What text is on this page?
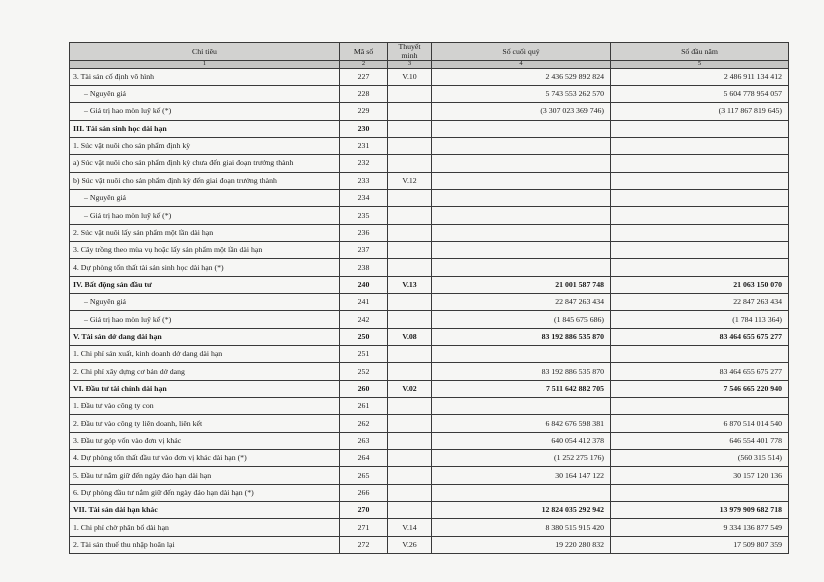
Chỉ tiêu	Mã số	Thuyết minh	Số cuối quý	Số đầu năm
1	2	3	4	5
3. Tài sản cố định vô hình	227	V.10	2 436 529 892 824	2 486 911 134 412
– Nguyên giá	228		5 743 553 262 570	5 604 778 954 057
– Giá trị hao mòn luỹ kế (*)	229		(3 307 023 369 746)	(3 117 867 819 645)
III. Tài sản sinh học dài hạn	230			
1. Súc vật nuôi cho sản phẩm định kỳ	231			
a) Súc vật nuôi cho sản phẩm định kỳ chưa đến giai đoạn trưởng thành	232			
b) Súc vật nuôi cho sản phẩm định kỳ đến giai đoạn trưởng thành	233	V.12		
– Nguyên giá	234			
– Giá trị hao mòn luỹ kế (*)	235			
2. Súc vật nuôi lấy sản phẩm một lần dài hạn	236			
3. Cây trồng theo mùa vụ hoặc lấy sản phẩm một lần dài hạn	237			
4. Dự phòng tổn thất tài sản sinh học dài hạn (*)	238			
IV. Bất động sản đầu tư	240	V.13	21 001 587 748	21 063 150 070
– Nguyên giá	241		22 847 263 434	22 847 263 434
– Giá trị hao mòn luỹ kế (*)	242		(1 845 675 686)	(1 784 113 364)
V. Tài sản dở dang dài hạn	250	V.08	83 192 886 535 870	83 464 655 675 277
1. Chi phí sản xuất, kinh doanh dở dang dài hạn	251			
2. Chi phí xây dựng cơ bản dở dang	252		83 192 886 535 870	83 464 655 675 277
VI. Đầu tư tài chính dài hạn	260	V.02	7 511 642 882 705	7 546 665 220 940
1. Đầu tư vào công ty con	261			
2. Đầu tư vào công ty liên doanh, liên kết	262		6 842 676 598 381	6 870 514 014 540
3. Đầu tư góp vốn vào đơn vị khác	263		640 054 412 378	646 554 401 778
4. Dự phòng tổn thất đầu tư vào đơn vị khác dài hạn (*)	264		(1 252 275 176)	(560 315 514)
5. Đầu tư nắm giữ đến ngày đáo hạn dài hạn	265		30 164 147 122	30 157 120 136
6. Dự phòng đầu tư nắm giữ đến ngày đáo hạn dài hạn (*)	266			
VII. Tài sản dài hạn khác	270		12 824 035 292 942	13 979 909 682 718
1. Chi phí chờ phân bổ dài hạn	271	V.14	8 380 515 915 420	9 334 136 877 549
2. Tài sản thuế thu nhập hoãn lại	272	V.26	19 220 280 832	17 509 807 359
